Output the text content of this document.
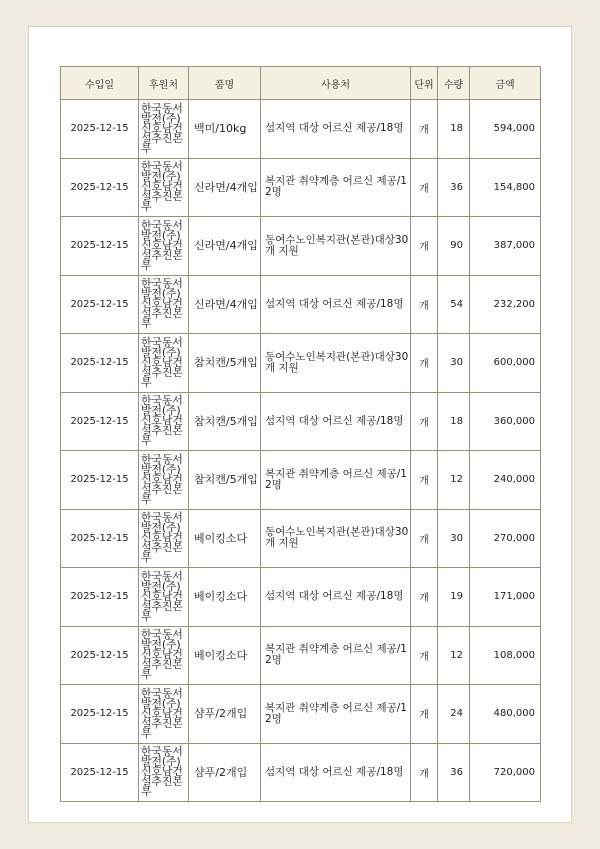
수입일	후원처	품명	사용처	단위	수량	금액
2025-12-15	한국동서발전(주)신호남건설추진본부	백미/10kg	섬지역 대상 어르신 제공/18명	개	18	594,000
2025-12-15	한국동서발전(주)신호남건설추진본부	신라면/4개입	복지관 취약계층 어르신 제공/12명	개	36	154,800
2025-12-15	한국동서발전(주)신호남건설추진본부	신라면/4개입	동여수노인복지관(본관)대상30개 지원	개	90	387,000
2025-12-15	한국동서발전(주)신호남건설추진본부	신라면/4개입	섬지역 대상 어르신 제공/18명	개	54	232,200
2025-12-15	한국동서발전(주)신호남건설추진본부	참치캔/5개입	동여수노인복지관(본관)대상30개 지원	개	30	600,000
2025-12-15	한국동서발전(주)신호남건설추진본부	참치캔/5개입	섬지역 대상 어르신 제공/18명	개	18	360,000
2025-12-15	한국동서발전(주)신호남건설추진본부	참치캔/5개입	복지관 취약계층 어르신 제공/12명	개	12	240,000
2025-12-15	한국동서발전(주)신호남건설추진본부	베이킹소다	동여수노인복지관(본관)대상30개 지원	개	30	270,000
2025-12-15	한국동서발전(주)신호남건설추진본부	베이킹소다	섬지역 대상 어르신 제공/18명	개	19	171,000
2025-12-15	한국동서발전(주)신호남건설추진본부	베이킹소다	복지관 취약계층 어르신 제공/12명	개	12	108,000
2025-12-15	한국동서발전(주)신호남건설추진본부	샴푸/2개입	복지관 취약계층 어르신 제공/12명	개	24	480,000
2025-12-15	한국동서발전(주)신호남건설추진본부	샴푸/2개입	섬지역 대상 어르신 제공/18명	개	36	720,000
